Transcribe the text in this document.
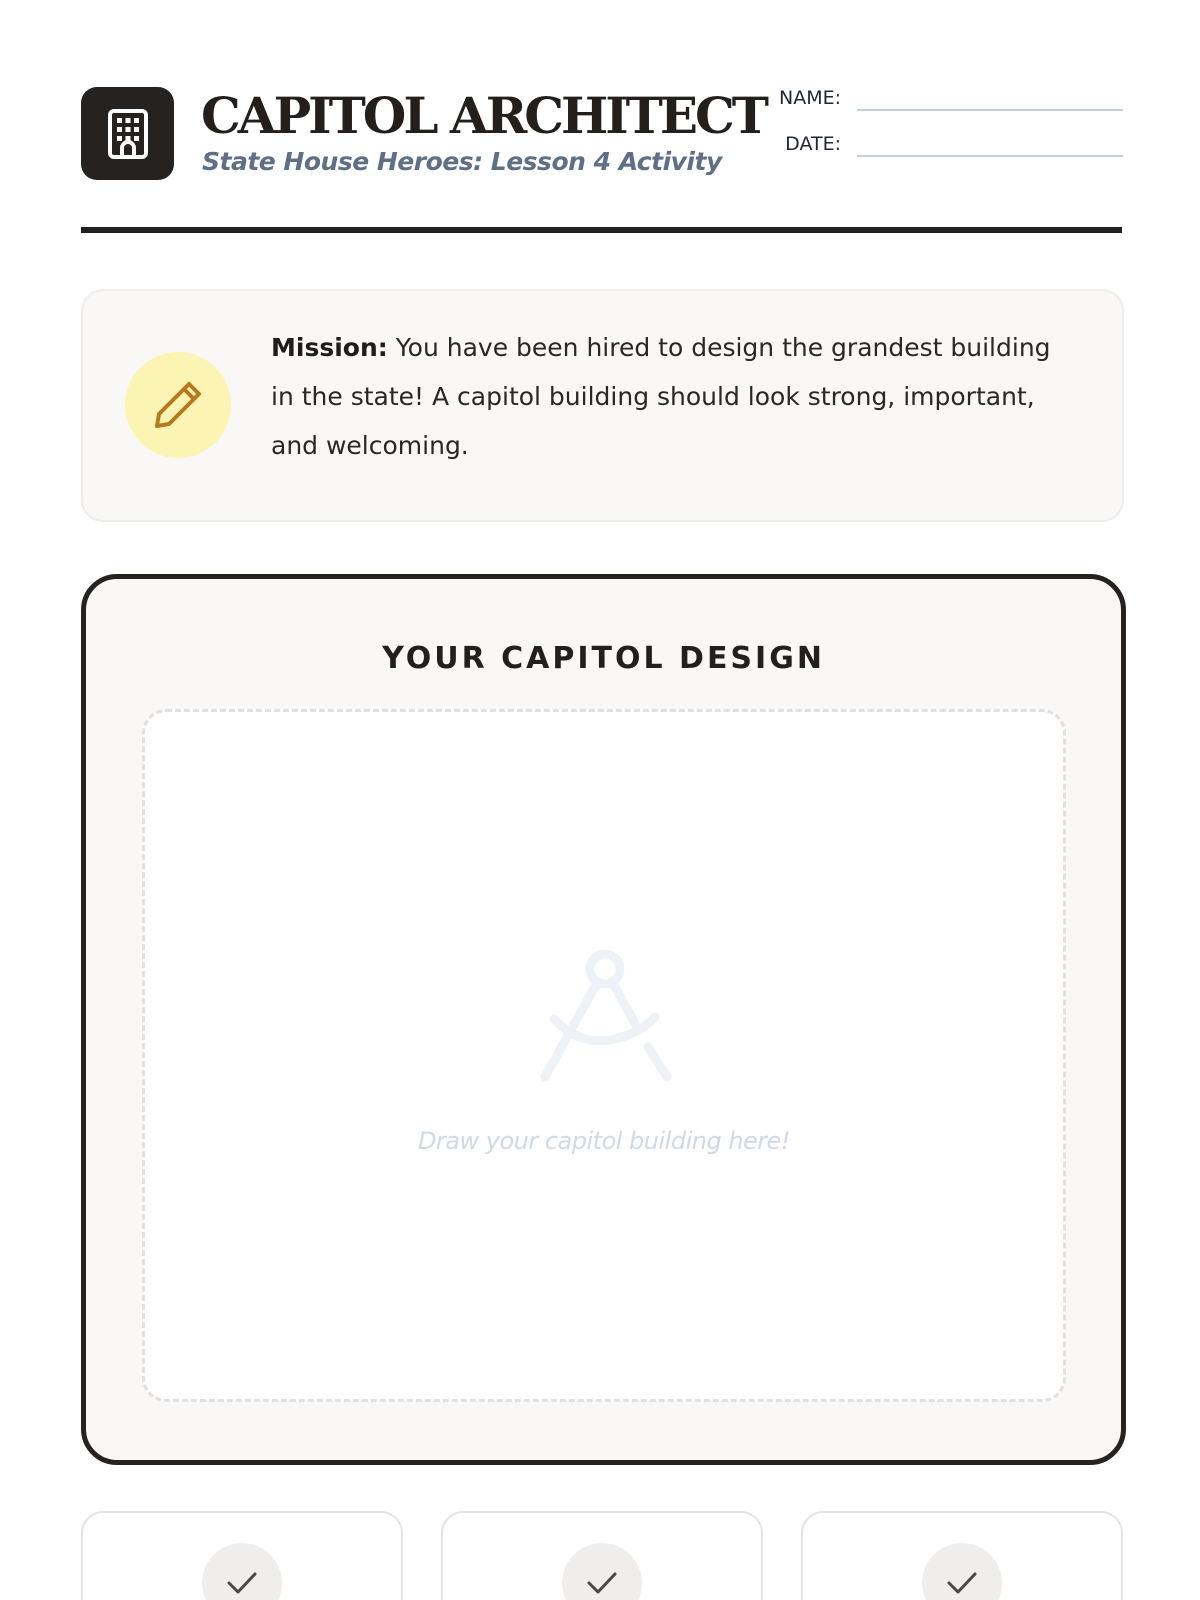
CAPITOL ARCHITECT
State House Heroes: Lesson 4 Activity
NAME:
DATE:
Mission: You have been hired to design the grandest building in the state! A capitol building should look strong, important, and welcoming.
YOUR CAPITOL DESIGN
Draw your capitol building here!
